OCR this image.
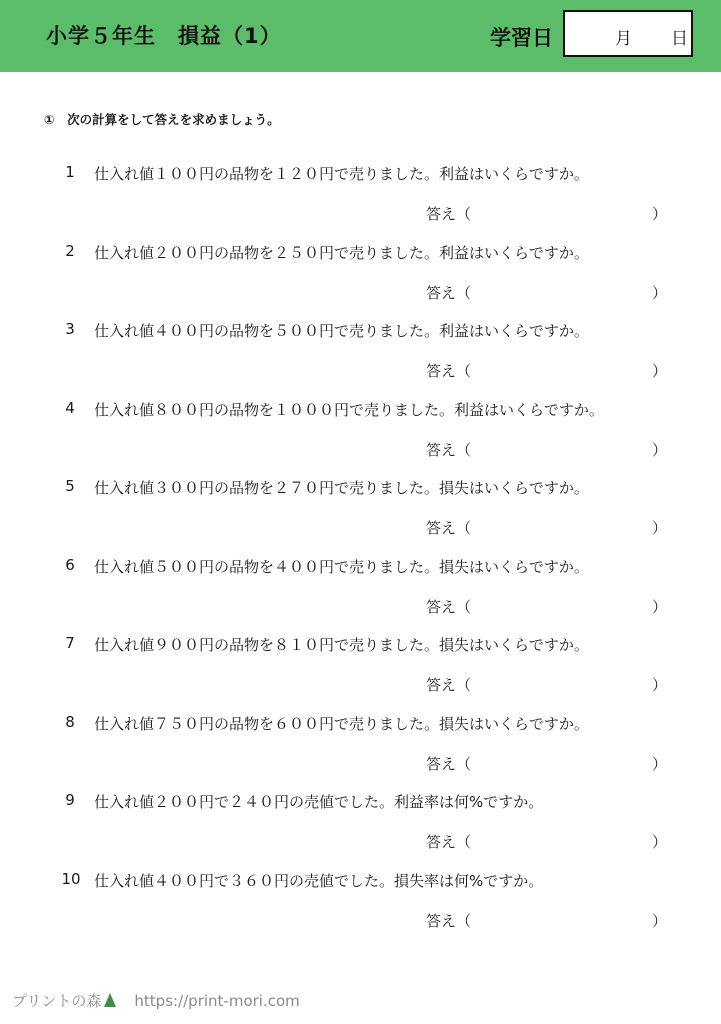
小学５年生　損益（1）	学習日	月 日
①　次の計算をして答えを求めましょう。
1	仕入れ値１００円の品物を１２０円で売りました。利益はいくらですか。
答え（	）
2	仕入れ値２００円の品物を２５０円で売りました。利益はいくらですか。
答え（	）
3	仕入れ値４００円の品物を５００円で売りました。利益はいくらですか。
答え（	）
4	仕入れ値８００円の品物を１０００円で売りました。利益はいくらですか。
答え（	）
5	仕入れ値３００円の品物を２７０円で売りました。損失はいくらですか。
答え（	）
6	仕入れ値５００円の品物を４００円で売りました。損失はいくらですか。
答え（	）
7	仕入れ値９００円の品物を８１０円で売りました。損失はいくらですか。
答え（	）
8	仕入れ値７５０円の品物を６００円で売りました。損失はいくらですか。
答え（	）
9	仕入れ値２００円で２４０円の売値でした。利益率は何%ですか。
答え（	）
10 仕入れ値４００円で３６０円の売値でした。損失率は何%ですか。
答え（	）
プリントの森 https://print-mori.com
